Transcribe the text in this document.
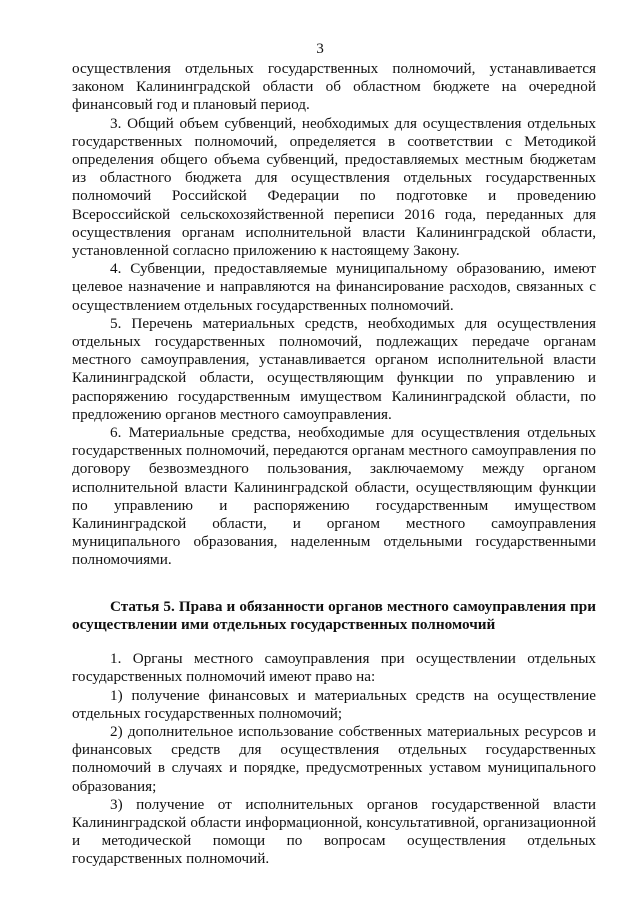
3

осуществления отдельных государственных полномочий, устанавливается законом Калининградской области об областном бюджете на очередной финансовый год и плановый период.

3. Общий объем субвенций, необходимых для осуществления отдельных государственных полномочий, определяется в соответствии с Методикой определения общего объема субвенций, предоставляемых местным бюджетам из областного бюджета для осуществления отдельных государственных полномочий Российской Федерации по подготовке и проведению Всероссийской сельскохозяйственной переписи 2016 года, переданных для осуществления органам исполнительной власти Калининградской области, установленной согласно приложению к настоящему Закону.

4. Субвенции, предоставляемые муниципальному образованию, имеют целевое назначение и направляются на финансирование расходов, связанных с осуществлением отдельных государственных полномочий.

5. Перечень материальных средств, необходимых для осуществления отдельных государственных полномочий, подлежащих передаче органам местного самоуправления, устанавливается органом исполнительной власти Калининградской области, осуществляющим функции по управлению и распоряжению государственным имуществом Калининградской области, по предложению органов местного самоуправления.

6. Материальные средства, необходимые для осуществления отдельных государственных полномочий, передаются органам местного самоуправления по договору безвозмездного пользования, заключаемому между органом исполнительной власти Калининградской области, осуществляющим функции по управлению и распоряжению государственным имуществом Калининградской области, и органом местного самоуправления муниципального образования, наделенным отдельными государственными полномочиями.

Статья 5. Права и обязанности органов местного самоуправления при осуществлении ими отдельных государственных полномочий

1. Органы местного самоуправления при осуществлении отдельных государственных полномочий имеют право на:

1) получение финансовых и материальных средств на осуществление отдельных государственных полномочий;

2) дополнительное использование собственных материальных ресурсов и финансовых средств для осуществления отдельных государственных полномочий в случаях и порядке, предусмотренных уставом муниципального образования;

3) получение от исполнительных органов государственной власти Калининградской области информационной, консультативной, организационной и методической помощи по вопросам осуществления отдельных государственных полномочий.
